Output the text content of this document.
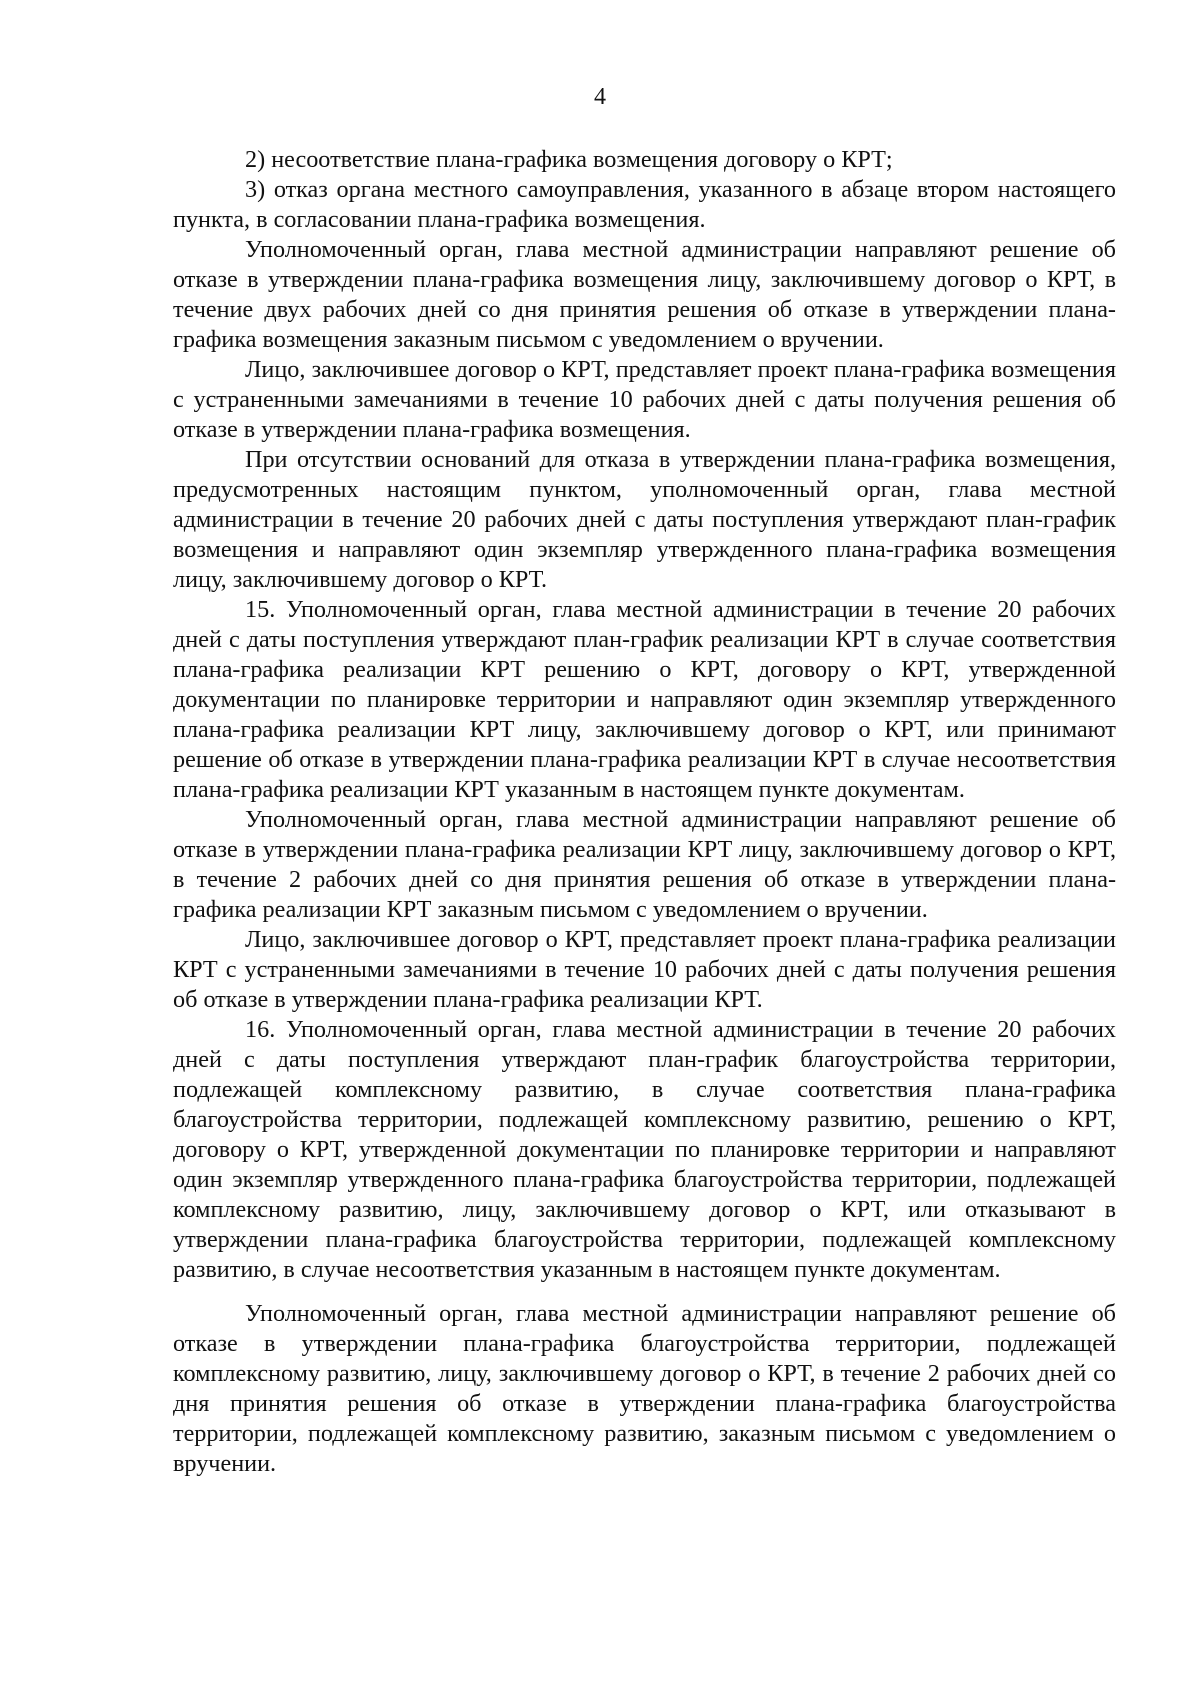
4

2) несоответствие плана-графика возмещения договору о КРТ;

3) отказ органа местного самоуправления, указанного в абзаце втором настоящего пункта, в согласовании плана-графика возмещения.

Уполномоченный орган, глава местной администрации направляют решение об отказе в утверждении плана-графика возмещения лицу, заключившему договор о КРТ, в течение двух рабочих дней со дня принятия решения об отказе в утверждении плана-графика возмещения заказным письмом с уведомлением о вручении.

Лицо, заключившее договор о КРТ, представляет проект плана-графика возмещения с устраненными замечаниями в течение 10 рабочих дней с даты получения решения об отказе в утверждении плана-графика возмещения.

При отсутствии оснований для отказа в утверждении плана-графика возмещения, предусмотренных настоящим пунктом, уполномоченный орган, глава местной администрации в течение 20 рабочих дней с даты поступления утверждают план-график возмещения и направляют один экземпляр утвержденного плана-графика возмещения лицу, заключившему договор о КРТ.

15. Уполномоченный орган, глава местной администрации в течение 20 рабочих дней с даты поступления утверждают план-график реализации КРТ в случае соответствия плана-графика реализации КРТ решению о КРТ, договору о КРТ, утвержденной документации по планировке территории и направляют один экземпляр утвержденного плана-графика реализации КРТ лицу, заключившему договор о КРТ, или принимают решение об отказе в утверждении плана-графика реализации КРТ в случае несоответствия плана-графика реализации КРТ указанным в настоящем пункте документам.

Уполномоченный орган, глава местной администрации направляют решение об отказе в утверждении плана-графика реализации КРТ лицу, заключившему договор о КРТ, в течение 2 рабочих дней со дня принятия решения об отказе в утверждении плана-графика реализации КРТ заказным письмом с уведомлением о вручении.

Лицо, заключившее договор о КРТ, представляет проект плана-графика реализации КРТ с устраненными замечаниями в течение 10 рабочих дней с даты получения решения об отказе в утверждении плана-графика реализации КРТ.

16. Уполномоченный орган, глава местной администрации в течение 20 рабочих дней с даты поступления утверждают план-график благоустройства территории, подлежащей комплексному развитию, в случае соответствия плана-графика благоустройства территории, подлежащей комплексному развитию, решению о КРТ, договору о КРТ, утвержденной документации по планировке территории и направляют один экземпляр утвержденного плана-графика благоустройства территории, подлежащей комплексному развитию, лицу, заключившему договор о КРТ, или отказывают в утверждении плана-графика благоустройства территории, подлежащей комплексному развитию, в случае несоответствия указанным в настоящем пункте документам.

Уполномоченный орган, глава местной администрации направляют решение об отказе в утверждении плана-графика благоустройства территории, подлежащей комплексному развитию, лицу, заключившему договор о КРТ, в течение 2 рабочих дней со дня принятия решения об отказе в утверждении плана-графика благоустройства территории, подлежащей комплексному развитию, заказным письмом с уведомлением о вручении.
